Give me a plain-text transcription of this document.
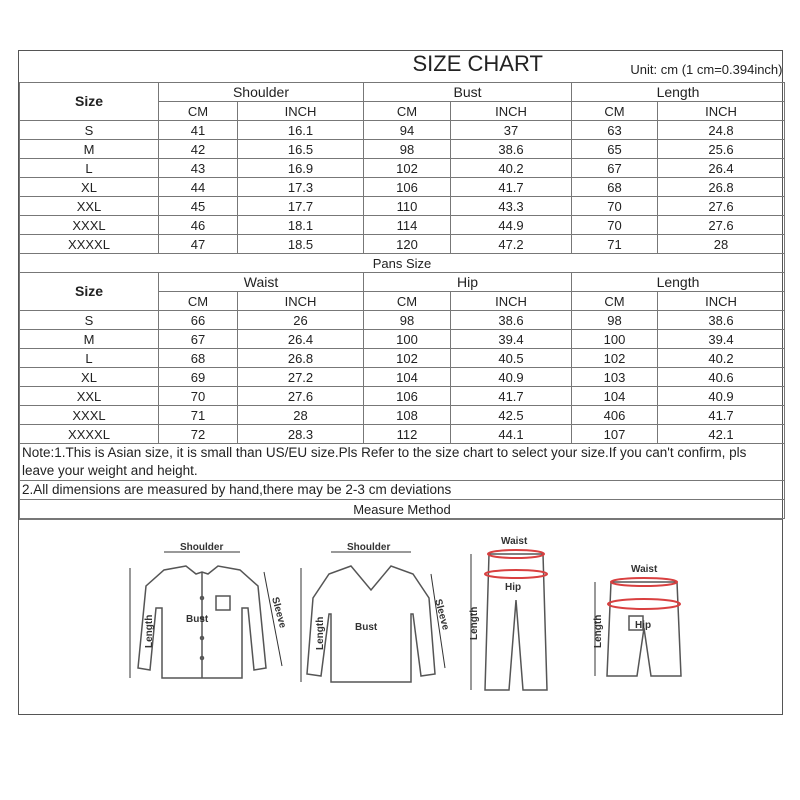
SIZE CHART Unit: cm (1 cm=0.394inch)						

Size	Shoulder		Bust		Length	
	CM	INCH	CM	INCH	CM	INCH
S	41	16.1	94	37	63	24.8
M	42	16.5	98	38.6	65	25.6
L	43	16.9	102	40.2	67	26.4
XL	44	17.3	106	41.7	68	26.8
XXL	45	17.7	110	43.3	70	27.6
XXXL	46	18.1	114	44.9	70	27.6
XXXXL	47	18.5	120	47.2	71	28
Pans Size						
Size	Waist		Hip		Length	
	CM	INCH	CM	INCH	CM	INCH
S	66	26	98	38.6	98	38.6
M	67	26.4	100	39.4	100	39.4
L	68	26.8	102	40.5	102	40.2
XL	69	27.2	104	40.9	103	40.6
XXL	70	27.6	106	41.7	104	40.9
XXXL	71	28	108	42.5	406	41.7
XXXXL	72	28.3	112	44.1	107	42.1
Note:1.This is Asian size, it is small than US/EU size.Pls Refer to the size chart to select your size.If you can't confirm, pls leave your weight and height.						
2.All dimensions are measured by hand,there may be 2-3 cm deviations						
Measure Method						
Shoulder
Bust
Length
Sleeve
Shoulder
Bust
Length
Sleeve
Waist
Hip
Length
Waist
Hip
Length
